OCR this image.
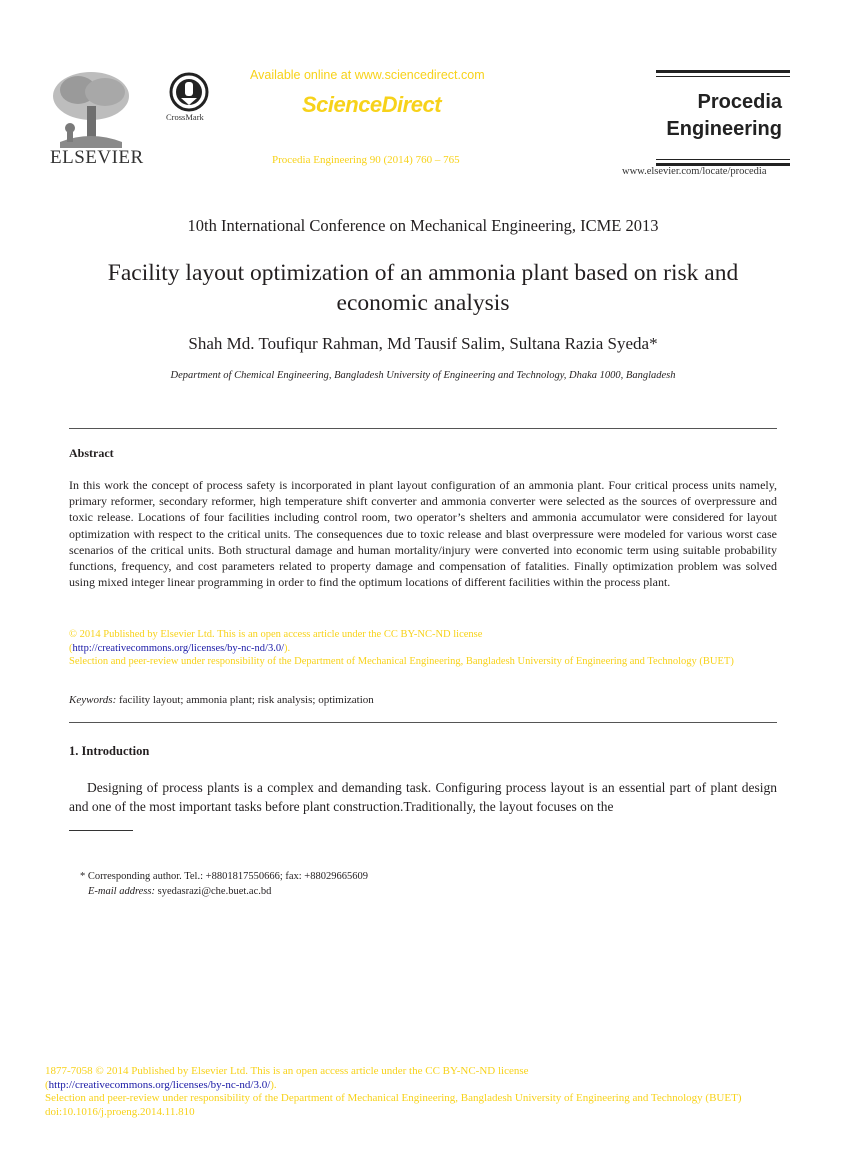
ELSEVIER
CrossMark
Available online at www.sciencedirect.com
ScienceDirect
Procedia Engineering 90 (2014) 760 – 765
Procedia
Engineering
www.elsevier.com/locate/procedia
10th International Conference on Mechanical Engineering, ICME 2013
Facility layout optimization of an ammonia plant based on risk and economic analysis
Shah Md. Toufiqur Rahman, Md Tausif Salim, Sultana Razia Syeda*
Department of Chemical Engineering, Bangladesh University of Engineering and Technology, Dhaka 1000, Bangladesh
Abstract
In this work the concept of process safety is incorporated in plant layout configuration of an ammonia plant. Four critical process units namely, primary reformer, secondary reformer, high temperature shift converter and ammonia converter were selected as the sources of overpressure and toxic release. Locations of four facilities including control room, two operator’s shelters and ammonia accumulator were considered for layout optimization with respect to the critical units. The consequences due to toxic release and blast overpressure were modeled for various worst case scenarios of the critical units. Both structural damage and human mortality/injury were converted into economic term using suitable probability functions, frequency, and cost parameters related to property damage and compensation of fatalities. Finally optimization problem was solved using mixed integer linear programming in order to find the optimum locations of different facilities within the process plant.
© 2014 Published by Elsevier Ltd. This is an open access article under the CC BY-NC-ND license
(http://creativecommons.org/licenses/by-nc-nd/3.0/).
Selection and peer-review under responsibility of the Department of Mechanical Engineering, Bangladesh University of Engineering and Technology (BUET)
Keywords: facility layout; ammonia plant; risk analysis; optimization
1. Introduction
Designing of process plants is a complex and demanding task. Configuring process layout is an essential part of plant design and one of the most important tasks before plant construction.Traditionally, the layout focuses on the
* Corresponding author. Tel.: +8801817550666; fax: +88029665609
E-mail address: syedasrazi@che.buet.ac.bd
1877-7058 © 2014 Published by Elsevier Ltd. This is an open access article under the CC BY-NC-ND license
(http://creativecommons.org/licenses/by-nc-nd/3.0/).
Selection and peer-review under responsibility of the Department of Mechanical Engineering, Bangladesh University of Engineering and Technology (BUET)
doi:10.1016/j.proeng.2014.11.810
